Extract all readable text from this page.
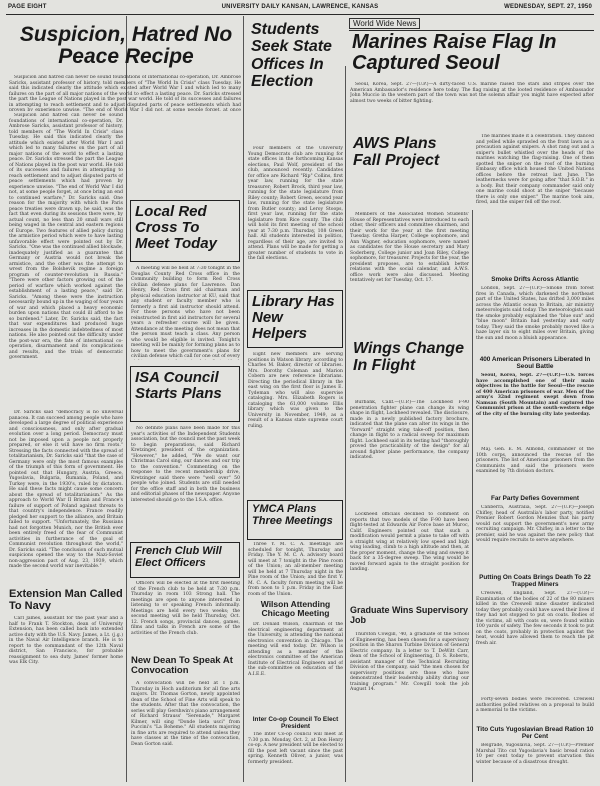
PAGE EIGHT	UNIVERSITY DAILY KANSAN, LAWRENCE, KANSAS	WEDNESDAY, SEPT. 27, 1950
Suspicion, Hatred No Peace Recipe

Suspicion and hatred can never be sound foundations of international co-operation, Dr. Ambrose Saricks, assistant professor of history, told members of "The World In Crisis" class Tuesday. He said this indicated clearly the attitude which existed after World War I and which led to many failures on the part of all major nations of the world to effect a lasting peace. Dr. Saricks stressed the part the League of Nations played in the post war world. He told of its successes and failures in attempting to reach settlement and to adjust disputed parts of peace settlements which had proven by experience unwise. "The end of World War I did not, at some people forget, at once

Suspicion and hatred can never be sound foundations of international co-operation, Dr. Ambrose Saricks, assistant professor of history, told members of "The World In Crisis" class Tuesday. He said this indicated clearly the attitude which existed after World War I and which led to many failures on the part of all major nations of the world to effect a lasting peace. Dr. Saricks stressed the part the League of Nations played in the post war world. He told of its successes and failures in attempting to reach settlement and to adjust disputed parts of peace settlements which had proven by experience unwise. "The end of World War I did not, at some people forget, at once bring an end to continued warfare," Dr. Saricks said. One reason for the majority with which the Paris peace treaties were drawn up, he said, was the fact that even during its sessions there were, by actual count, no less than 20 small wars still being waged in the central and eastern regions of Europe. Two features of allied policy during the armistice period which were to have lasting unfavorable effect were pointed out by Dr. Saricks. "One was the continued allied blockade, inadequately justified as a guarantee that Germany or Austria would not break the armistice, and the other was the attempt to wrest from the Bolshevik regime a foreign program of counter-revolution in Russia." "There were other factors growing out of the period of warfare which worked against the establishment of a lasting peace," said Dr. Saricks. "Among these were the instruction necessarily bound up in the waging of four years of war and which placed a heavy economic burden upon nations that could ill afford to be so burdened." Later, Dr. Saricks said, the fact that war expenditures had produced huge increases in the domestic indebtedness of most nations. He also pointed out the difficulty under the post-war era, the fate of international co-operation, disarmament and its complications and results, and the trials of democratic government.

Dr. Saricks said "democracy is no universal panacea. It can succeed among people who have developed a large degree of political experience and consciousness, and only after gradual evolution over a long period. Democracy must not be imposed upon a people not properly prepared, or else it will have no firm roots." Stressing the facts connected with the spread of totalitarianism, Dr. Saricks said "that the case of Germany were only the most famous examples of the triumph of this form of government. He pointed out that Hungary, Austria, Greece, Yugoslavia, Bulgaria, Rumania, Poland, and Turkey were, in the 1930's, ruled by dictators. He said these facts might cause some concern about the spread of totalitarianism." As the approach to World War II Britain and France's failure of support of Poland against threats to that country's independence. France readily pledged her support to the alliance, and Britain failed to support. "Unfortunately, the Russians had not forgotten Munich, nor the British ever been entirely freed of the fear of Communist activities in furtherance of the goal of Communist revolution throughout the world," Dr. Saricks said. "The conclusion of such mutual suspicions opened the way to the Nazi-Soviet non-aggression pact of Aug. 23, 1939, which made the second world war inevitable."

Extension Man Called To Navy

Carl James, assistant for the past year and a half to Frank T. Stockton, dean of University Extension, has been called back into extended active duty with the U.S. Navy. James, a Lt. (j.g.) in the Naval Air Intelligence branch. He is to report to the commandant of the 12th Naval district, San Francisco, for probable reassignment to sea duty. James' former home was Elk City.

Local Red Cross To Meet Today

A meeting will be held at 7:30 tonight in the Douglas County Red Cross office in the Community building to form Red Cross civilian defense plans for Lawrence. Dan Henry, Red Cross first aid chairman and physical education instructor at KU, said that any student or faculty member who is formerly a first aid instructor should attend. For those persons who have not been reinstructed in first aid instructors for several years a refresher course will be given. Attendance at the meeting does not mean that the person must teach a class. Any person who would be eligible is invited. Tonight's meeting will be mainly for forming plans as to how to meet the government's plans for civilian defense which call for one out of every

ISA Council Starts Plans

No definite plans have been made for this year's activities of the Independent Students association, but the council met the past week to begin preparations, said Richard Kretzinger, president of the organization. "However," he added, "We do want our Christmas Carol sing, our dances and our trip to the convention." Commenting on the response to the recent membership drive, Kretzinger said there were "well over" 50 people who joined. Students are still needed for the office staff and in both the business and editorial phases of the newspaper. Anyone interested should go to the I.S.A. office.

French Club Will Elect Officers

Officers will be elected at the first meeting of the French club to be held at 7:30 p.m. Thursday in room 103 Strong hall. The meetings are open to anyone interested in listening to or speaking French informally. Meetings are held every two weeks; the second meeting will be held Thursday, Oct. 12. French songs, provincial dances, games, films and talks in French are some of the activities of the French club.

New Dean To Speak At Convocation

A convocation will be held at 1 p.m. Thursday in Hoch auditorium for all fine arts majors. Dr. Thomas Gorton, newly appointed dean of the School of Fine Arts will speak to the students. After that the convocation, the series will play Gershwin's piano arrangement of Richard Strauss' "Serenade," Margaret Kilmer, will sing "Donde lieta usci" from Puccini's "La Boheme." All students majoring in fine arts are required to attend unless they have classes at the time of the convocation, Dean Gorton said.

Students Seek State Offices In Election

Four members of the University Young Democrats club are running for state offices in the forthcoming Kansas elections, Paul Wolf, president of the club, announced recently. Candidates for office are Richard "Rip" Collins, first year law, running for the state treasurer; Robert Brock, third year law, running for the state legislature from Riley county; Robert Green, second year law, running for the state legislature from Butler county; and Leroy Stoops, first year law, running for the state legislature from Rice county. The club will hold its first meeting of the school year at 7:30 p.m. Thursday, 108 Green hall. All students interested in politics, regardless of their age, are invited to attend. Plans will be made for getting a greater number of students to vote in the fall elections.

Library Has New Helpers

Eight new members are serving positions in Watson library, according to Charles M. Baker, director of libraries. Mrs. Dorothy Coleman and Marion Cobern are new reference librarians. Directing the periodical library in the east wing on the first floor is James E. Tydeman who will also supervise cataloging. Mrs. Elizabeth Rogers is cataloging the 61,000 volume Ellis library which was given to the University in November, 1949, as a result of a Kansas state supreme court ruling.

YMCA Plans Three Meetings

Three Y. M. C. A. meetings are scheduled for tonight, Thursday and Friday. The Y. M. C. A. advisory board will meet at 7 tonight in the Pine room of the Union; an all-member meeting will be held at 7 Thursday night in the Pine room of the Union; and the first Y. M. C. A. faculty forum meeting will be from noon to 1 p.m. Friday in the East room of the Union.

Wilson Attending Chicago Meeting

Dr. Donald Wilson, chairman of the electrical engineering department at the University, is attending the national electronics convention in Chicago. The meeting will end today. Dr. Wilson is attending as a member of the electronics committee of the American Institute of Electrical Engineers and of the sub-committee on education of the A.I.E.E.

Inter Co-op Council To Elect President

The Inter Co-op council will meet at 7:30 p.m. Monday, Oct. 2, at Don Henry co-op. A new president will be elected to fill the post left vacant since the past spring. Kenneth Oliver, a junior, was formerly president.

World Wide News
Marines Raise Flag In Captured Seoul

Seoul, Korea, Sept. 27—(U.P.)—A dirty-faced U.S. marine raised the stars and stripes over the American Ambassador's residence here today. The flag raising at the looted residence of Ambassador John Muccio in the western part of the town was not the solemn affair you might have expected after almost two weeks of bitter fighting.

AWS Plans Fall Project

Members of the Associated Women Students' House of Representatives were introduced to each other, their officers and committee chairmen, and their work for the year at the first meeting Tuesday. Gretha Harper, College sophomore, and Ann Wagner, education sophomore, were named as candidates for the House secretary and Mary Soderberg, College junior and Joan Riley, College sophomore, for treasurer. Projects for the year, the president proposes, are to establish better relations with the social calendar, and A.W.S. office work were also discussed. Meeting tentatively set for Tuesday, Oct. 17.

Wings Change In Flight

Burbank, Calif.—(U.P.)—The Lockheed F-90 penetration fighter plane can change its wing shape in flight, Lockheed revealed. The disclosure, made in a newly published factory brochure, indicated that the plane can alter its wings in the "forward" straight wing take-off position, then change in flight to a radical sweep for maximum flight. Lockheed said in its testing had "thoroughly proved the practicability of the design" for all around fighter plane performance, the company indicated.

Lockheed officials declined to comment on reports that two models of the F-90 have been flight-tested at Edwards Air Force base at Muroc, Calif. Engineers pointed out that such a modification would permit a plane to take off with a straight wing at relatively low speed and high wing loading, climb to a high altitude and then, at the proper moment, change the wing and sweep it back for a 35-degree sweep. The wing would be moved forward again to the straight position for landing.

Graduate Wins Supervisory Job

Thurston Cowgill, '40, a graduate of the School of Engineering, has been chosen for a supervisory position in the Sharon Turbine Division of General Electric company. In a letter to T. DeWitt Carr, dean of the School of Engineering, D. S. Roberts, assistant manager of the Technical Recruiting Division of the company, said "the men chosen for supervisory positions are those who have demonstrated their leadership ability during our training program." Mr. Cowgill took the job August 14.

The marines made it a celebration. They danced and yelled while sprawled on the front lawn as a precaution against snipers. A shot rang out and a sniper's bullet whistled over the heads of the marines watching the flag-raising. One of them spotted the sniper on the roof of the burning Embassy office which housed the United Nations offices before the retreat last June. The leathernecks were for going after "that S.O.B." in a body. But their company commander said only one marine could shoot at the sniper "because there is only one sniper." The marine took aim, fired, and the sniper fell off the roof.

Smoke Drifts Across Atlantic

London, Sept. 27—(U.P.)—Smoke from forest fires in Canada, which darkened the northeast part of the United States, has drifted 3,000 miles across the Atlantic ocean to Britain, air ministry meteorologists said today. The meteorologists said the smoke probably explained the "blue sun" and "blue moon" Britain had yesterday and early today. They said the smoke probably moved like a haze layer six to eight miles over Britain, giving the sun and moon a bluish appearance.

400 American Prisoners Liberated In Seoul Battle

Seoul, Korea, Sept. 27—(U.P.)—U.S. forces have accomplished one of their main objectives in the battle for Seoul—the rescue of 400 American prisoners of war. Men of the army's 32nd regiment swept down from Namsan (South Mountain) and captured the Communist prison at the south-western edge of the city of the burning city late yesterday.

Maj. Gen. E. M. Almond, commander of the 10th corps, announced the rescue of the prisoners. The list of American prisoners from the Communists and said the prisoners were examined by 7th division doctors.

Far Party Defies Government

Canberra, Australia, Sept. 27—(U.P.)—Joseph Chifley, head of Australia's labor party, notified Premier Robert Gordon Menzies that his party would not support the government's new army recruiting campaign. Mr. Chifley, in a letter to the premier, said he was against the new policy that would require recruits to serve anywhere.

Putting On Coats Brings Death To 22 Trapped Miners

Creswell, England, Sept. 27—(U.P.)—Examination of the bodies of 22 of the 80 miners killed in the Creswell mine disaster indicated today they probably could have saved their lives if they had not stopped to put on coats. Bodies of the victims, all with coats on, were found within 100 yards of safety. The few seconds it took to put on the coats, probably in protection against the heat, would have allowed them to reach the pit fresh air.

Forty-seven bodies were recovered. Creswell authorities polled relatives on a proposal to build a memorial to the victims.

Tito Cuts Yugoslavian Bread Ration 10 Per Cent

Belgrade, Yugoslavia, Sept. 27—(U.P.)—Premier Marshal Tito cut Yugoslavia's basic bread ration 10 per cent today to prevent starvation this winter because of a disastrous drought.
